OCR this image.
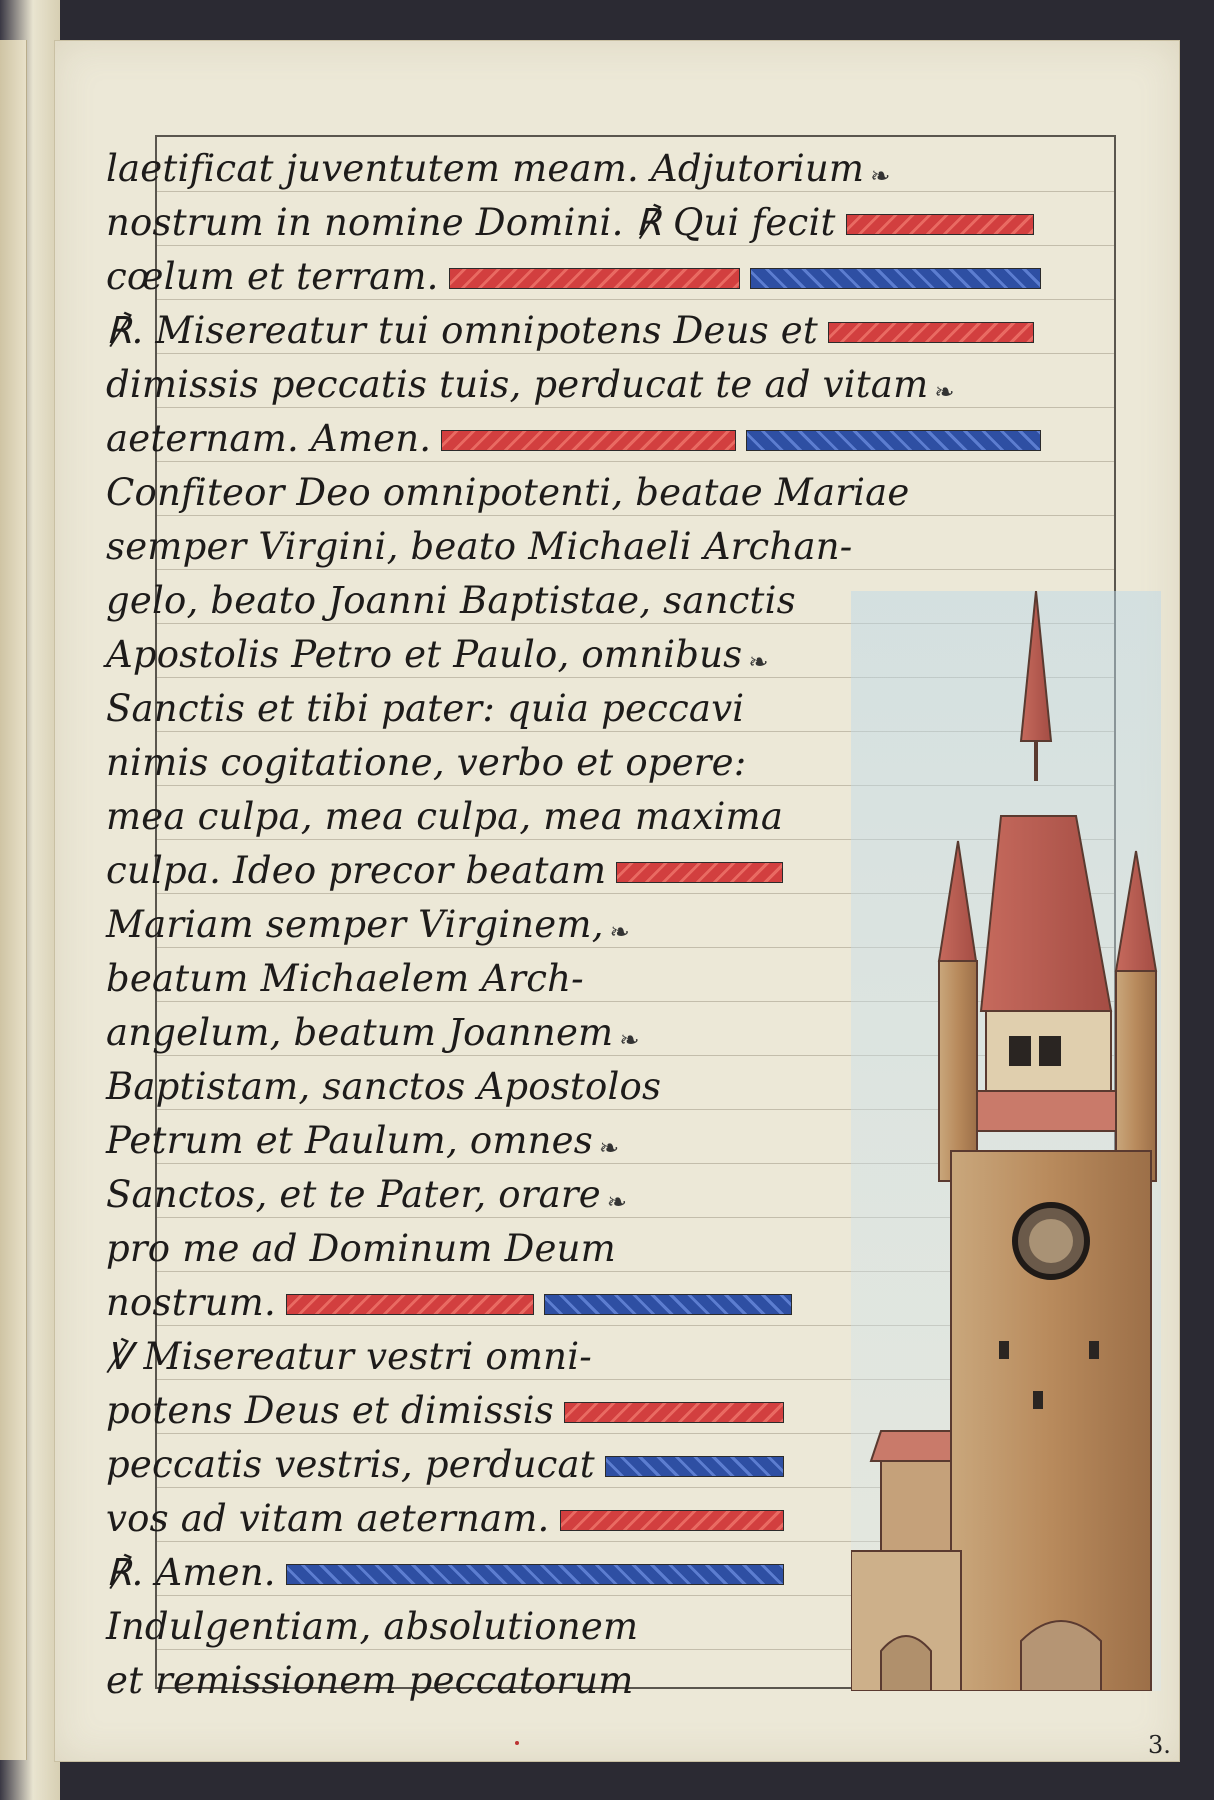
3.
laetificat juventutem meam. Adjutorium ❧
nostrum in nomine Domini. ℟ Qui fecit
cœlum et terram.
℟. Misereatur tui omnipotens Deus et
dimissis peccatis tuis, perducat te ad vitam ❧
aeternam. Amen.
Confiteor Deo omnipotenti, beatae Mariae
semper Virgini, beato Michaeli Archan-
gelo, beato Joanni Baptistae, sanctis
Apostolis Petro et Paulo, omnibus ❧
Sanctis et tibi pater: quia peccavi
nimis cogitatione, verbo et opere:
mea culpa, mea culpa, mea maxima
culpa. Ideo precor beatam
Mariam semper Virginem, ❧
beatum Michaelem Arch-
angelum, beatum Joannem ❧
Baptistam, sanctos Apostolos
Petrum et Paulum, omnes ❧
Sanctos, et te Pater, orare ❧
pro me ad Dominum Deum
nostrum.
℣ Misereatur vestri omni-
potens Deus et dimissis
peccatis vestris, perducat
vos ad vitam aeternam.
℟. Amen.
Indulgentiam, absolutionem
et remissionem peccatorum
